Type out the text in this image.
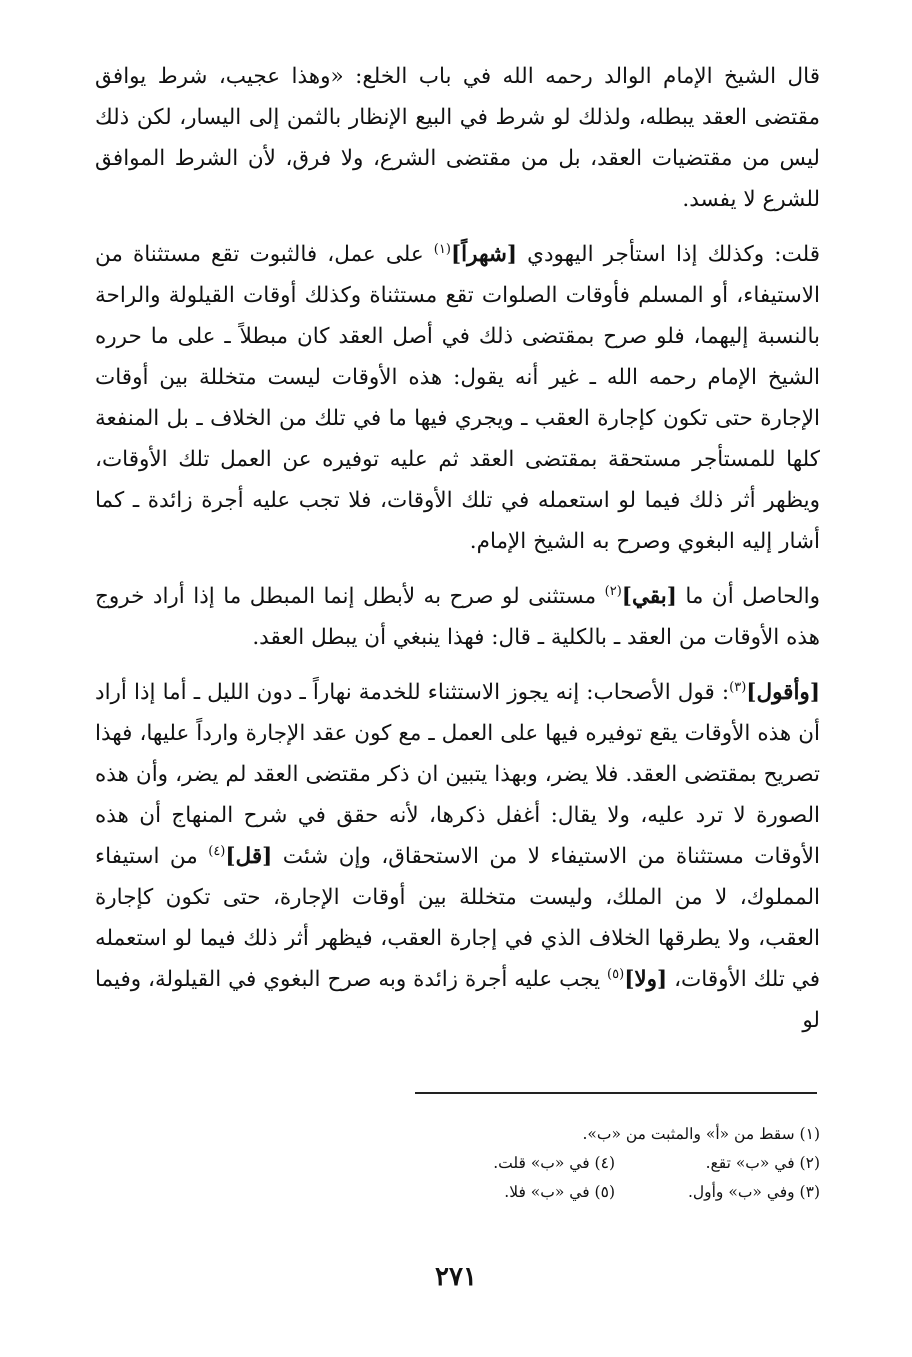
قال الشيخ الإمام الوالد رحمه الله في باب الخلع: «وهذا عجيب، شرط يوافق مقتضى العقد يبطله، ولذلك لو شرط في البيع الإنظار بالثمن إلى اليسار، لكن ذلك ليس من مقتضيات العقد، بل من مقتضى الشرع، ولا فرق، لأن الشرط الموافق للشرع لا يفسد.

قلت: وكذلك إذا استأجر اليهودي [شهراً]$^{(١)}$ على عمل، فالثبوت تقع مستثناة من الاستيفاء، أو المسلم فأوقات الصلوات تقع مستثناة وكذلك أوقات القيلولة والراحة بالنسبة إليهما، فلو صرح بمقتضى ذلك في أصل العقد كان مبطلاً ـ على ما حرره الشيخ الإمام رحمه الله ـ غير أنه يقول: هذه الأوقات ليست متخللة بين أوقات الإجارة حتى تكون كإجارة العقب ـ ويجري فيها ما في تلك من الخلاف ـ بل المنفعة كلها للمستأجر مستحقة بمقتضى العقد ثم عليه توفيره عن العمل تلك الأوقات، ويظهر أثر ذلك فيما لو استعمله في تلك الأوقات، فلا تجب عليه أجرة زائدة ـ كما أشار إليه البغوي وصرح به الشيخ الإمام.

والحاصل أن ما [بقي]$^{(٢)}$ مستثنى لو صرح به لأبطل إنما المبطل ما إذا أراد خروج هذه الأوقات من العقد ـ بالكلية ـ قال: فهذا ينبغي أن يبطل العقد.

[وأقول]$^{(٣)}$: قول الأصحاب: إنه يجوز الاستثناء للخدمة نهاراً ـ دون الليل ـ أما إذا أراد أن هذه الأوقات يقع توفيره فيها على العمل ـ مع كون عقد الإجارة وارداً عليها، فهذا تصريح بمقتضى العقد. فلا يضر، وبهذا يتبين ان ذكر مقتضى العقد لم يضر، وأن هذه الصورة لا ترد عليه، ولا يقال: أغفل ذكرها، لأنه حقق في شرح المنهاج أن هذه الأوقات مستثناة من الاستيفاء لا من الاستحقاق، وإن شئت [قل]$^{(٤)}$ من استيفاء المملوك، لا من الملك، وليست متخللة بين أوقات الإجارة، حتى تكون كإجارة العقب، ولا يطرقها الخلاف الذي في إجارة العقب، فيظهر أثر ذلك فيما لو استعمله في تلك الأوقات، [ولا]$^{(٥)}$ يجب عليه أجرة زائدة وبه صرح البغوي في القيلولة، وفيما لو

(١) سقط من «أ» والمثبت من «ب».
(٢) في «ب» تقع.
(٤) في «ب» قلت.
(٣) وفي «ب» وأول.
(٥) في «ب» فلا.
٢٧١
